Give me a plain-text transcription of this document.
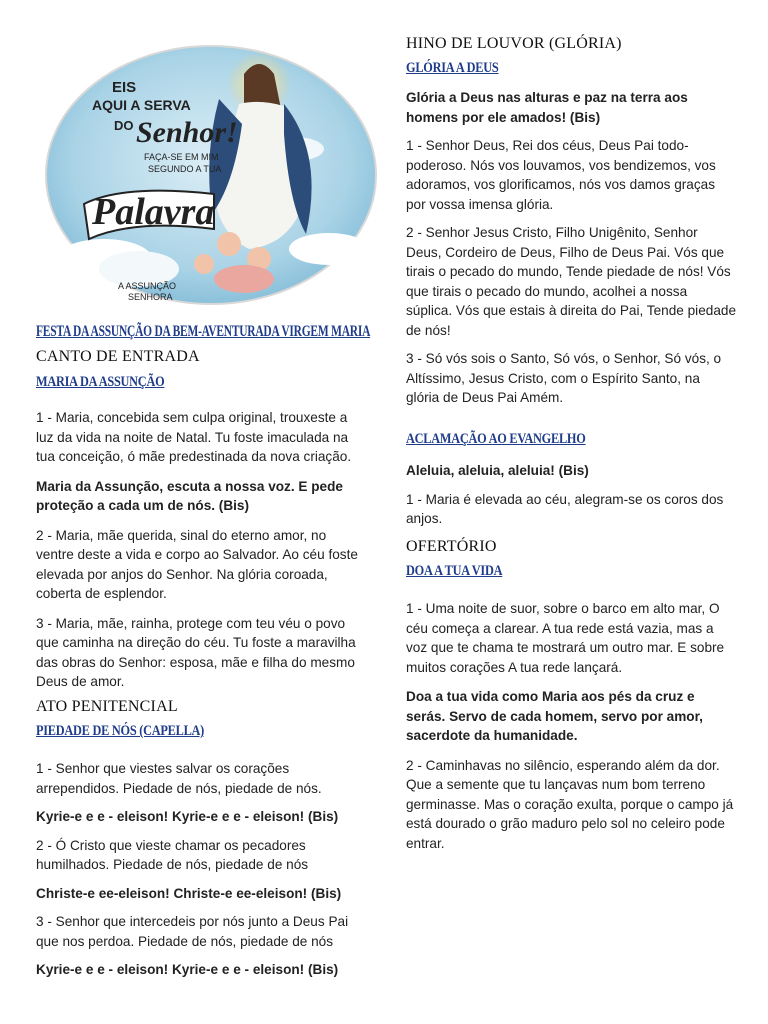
EIS
AQUI A SERVA
DO Senhor!
FAÇA-SE EM MIM
SEGUNDO A TUA
Palavra
A ASSUNÇÃO
SENHORA
FESTA DA ASSUNÇÃO DA BEM-AVENTURADA VIRGEM MARIA
CANTO DE ENTRADA
MARIA DA ASSUNÇÃO

1 - Maria, concebida sem culpa original, trouxeste a luz da vida na noite de Natal. Tu foste imaculada na tua conceição, ó mãe predestinada da nova criação.

Maria da Assunção, escuta a nossa voz. E pede proteção a cada um de nós. (Bis)

2 - Maria, mãe querida, sinal do eterno amor, no ventre deste a vida e corpo ao Salvador. Ao céu foste elevada por anjos do Senhor. Na glória coroada, coberta de esplendor.

3 - Maria, mãe, rainha, protege com teu véu o povo que caminha na direção do céu. Tu foste a maravilha das obras do Senhor: esposa, mãe e filha do mesmo Deus de amor.

ATO PENITENCIAL
PIEDADE DE NÓS (CAPELLA)

1 - Senhor que viestes salvar os corações arrependidos. Piedade de nós, piedade de nós.

Kyrie-e e e - eleison! Kyrie-e e e - eleison! (Bis)

2 - Ó Cristo que vieste chamar os pecadores humilhados. Piedade de nós, piedade de nós

Christe-e ee-eleison! Christe-e ee-eleison! (Bis)

3 - Senhor que intercedeis por nós junto a Deus Pai que nos perdoa. Piedade de nós, piedade de nós

Kyrie-e e e - eleison! Kyrie-e e e - eleison! (Bis)

HINO DE LOUVOR (GLÓRIA)
GLÓRIA A DEUS

Glória a Deus nas alturas e paz na terra aos homens por ele amados! (Bis)

1 - Senhor Deus, Rei dos céus, Deus Pai todo-poderoso. Nós vos louvamos, vos bendizemos, vos adoramos, vos glorificamos, nós vos damos graças por vossa imensa glória.

2 - Senhor Jesus Cristo, Filho Unigênito, Senhor Deus, Cordeiro de Deus, Filho de Deus Pai. Vós que tirais o pecado do mundo, Tende piedade de nós! Vós que tirais o pecado do mundo, acolhei a nossa súplica. Vós que estais à direita do Pai, Tende piedade de nós!

3 - Só vós sois o Santo, Só vós, o Senhor, Só vós, o Altíssimo, Jesus Cristo, com o Espírito Santo, na glória de Deus Pai Amém.

ACLAMAÇÃO AO EVANGELHO

Aleluia, aleluia, aleluia! (Bis)

1 - Maria é elevada ao céu, alegram-se os coros dos anjos.

OFERTÓRIO
DOA A TUA VIDA

1 - Uma noite de suor, sobre o barco em alto mar, O céu começa a clarear. A tua rede está vazia, mas a voz que te chama te mostrará um outro mar. E sobre muitos corações A tua rede lançará.

Doa a tua vida como Maria aos pés da cruz e serás. Servo de cada homem, servo por amor, sacerdote da humanidade.

2 - Caminhavas no silêncio, esperando além da dor. Que a semente que tu lançavas num bom terreno germinasse. Mas o coração exulta, porque o campo já está dourado o grão maduro pelo sol no celeiro pode entrar.
